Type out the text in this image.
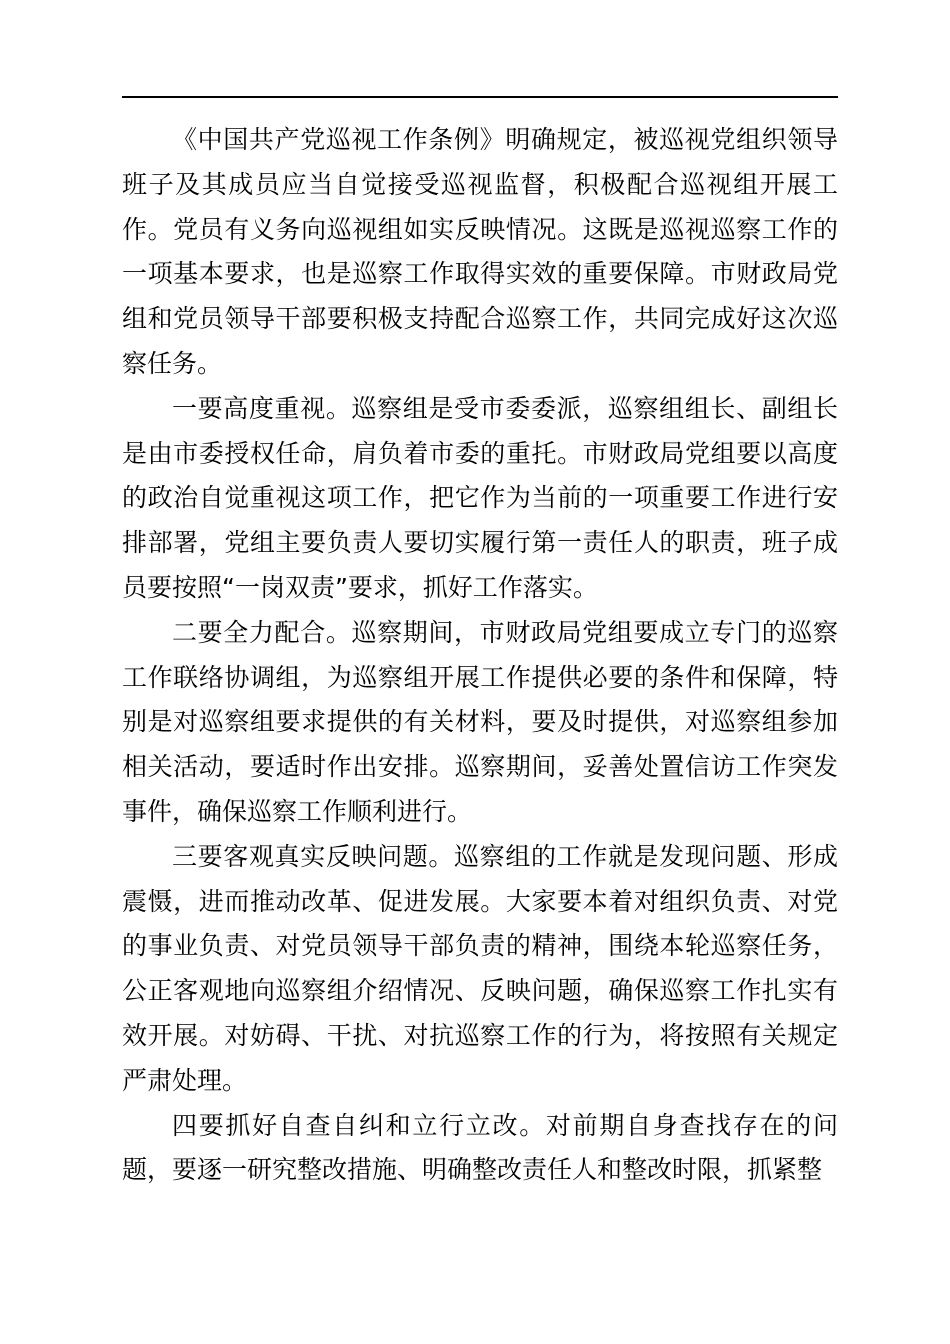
《中国共产党巡视工作条例》明确规定，被巡视党组织领导班子及其成员应当自觉接受巡视监督，积极配合巡视组开展工作。党员有义务向巡视组如实反映情况。这既是巡视巡察工作的一项基本要求，也是巡察工作取得实效的重要保障。市财政局党组和党员领导干部要积极支持配合巡察工作，共同完成好这次巡察任务。

一要高度重视。巡察组是受市委委派，巡察组组长、副组长是由市委授权任命，肩负着市委的重托。市财政局党组要以高度的政治自觉重视这项工作，把它作为当前的一项重要工作进行安排部署，党组主要负责人要切实履行第一责任人的职责，班子成员要按照“一岗双责”要求，抓好工作落实。

二要全力配合。巡察期间，市财政局党组要成立专门的巡察工作联络协调组，为巡察组开展工作提供必要的条件和保障，特别是对巡察组要求提供的有关材料，要及时提供，对巡察组参加相关活动，要适时作出安排。巡察期间，妥善处置信访工作突发事件，确保巡察工作顺利进行。

三要客观真实反映问题。巡察组的工作就是发现问题、形成震慑，进而推动改革、促进发展。大家要本着对组织负责、对党的事业负责、对党员领导干部负责的精神，围绕本轮巡察任务，公正客观地向巡察组介绍情况、反映问题，确保巡察工作扎实有效开展。对妨碍、干扰、对抗巡察工作的行为，将按照有关规定严肃处理。

四要抓好自查自纠和立行立改。对前期自身查找存在的问题，要逐一研究整改措施、明确整改责任人和整改时限，抓紧整
